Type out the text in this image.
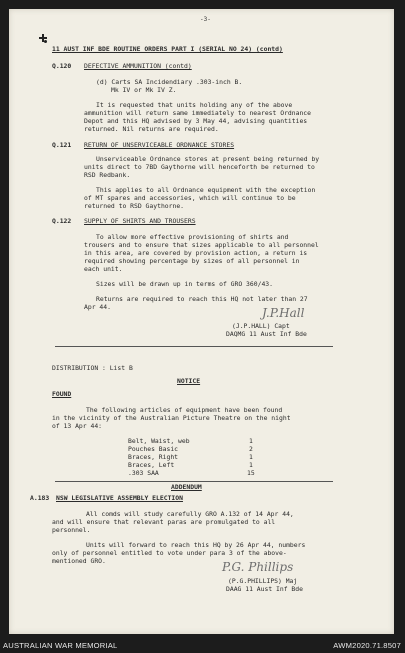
-3-
11 AUST INF BDE ROUTINE ORDERS PART I (SERIAL NO 24) (contd)
Q.120 DEFECTIVE AMMUNITION (contd)
(d) Carts SA Incidendiary .303-inch B.
Mk IV or Mk IV Z.
It is requested that units holding any of the above
ammunition will return same immediately to nearest Ordnance
Depot and this HQ advised by 3 May 44, advising quantities
returned. Nil returns are required.
Q.121 RETURN OF UNSERVICEABLE ORDNANCE STORES
Unserviceable Ordnance stores at present being returned by
units direct to 7BD Gaythorne will henceforth be returned to
RSD Redbank.
This applies to all Ordnance equipment with the exception
of MT spares and accessories, which will continue to be
returned to RSD Gaythorne.
Q.122 SUPPLY OF SHIRTS AND TROUSERS
To allow more effective provisioning of shirts and
trousers and to ensure that sizes applicable to all personnel
in this area, are covered by provision action, a return is
required showing percentage by sizes of all personnel in
each unit.
Sizes will be drawn up in terms of GRO 360/43.
Returns are required to reach this HQ not later than 27
Apr 44.	J.P.Hall
(J.P.HALL) Capt
DAQMG 11 Aust Inf Bde
DISTRIBUTION : List B
NOTICE
FOUND
The following articles of equipment have been found
in the vicinity of the Australian Picture Theatre on the night
of 13 Apr 44:
Belt, Waist, web	1
Pouches Basic	2
Braces, Right	1
Braces, Left	1
.303 SAA	15
ADDENDUM
A.183 NSW LEGISLATIVE ASSEMBLY ELECTION
All comds will study carefully GRO A.132 of 14 Apr 44,
and will ensure that relevant paras are promulgated to all
personnel.
Units will forward to reach this HQ by 26 Apr 44, numbers
only of personnel entitled to vote under para 3 of the above-
mentioned GRO.	P.G. Phillips
(P.G.PHILLIPS) Maj
DAAG 11 Aust Inf Bde
AUSTRALIAN WAR MEMORIAL	AWM2020.71.8507
